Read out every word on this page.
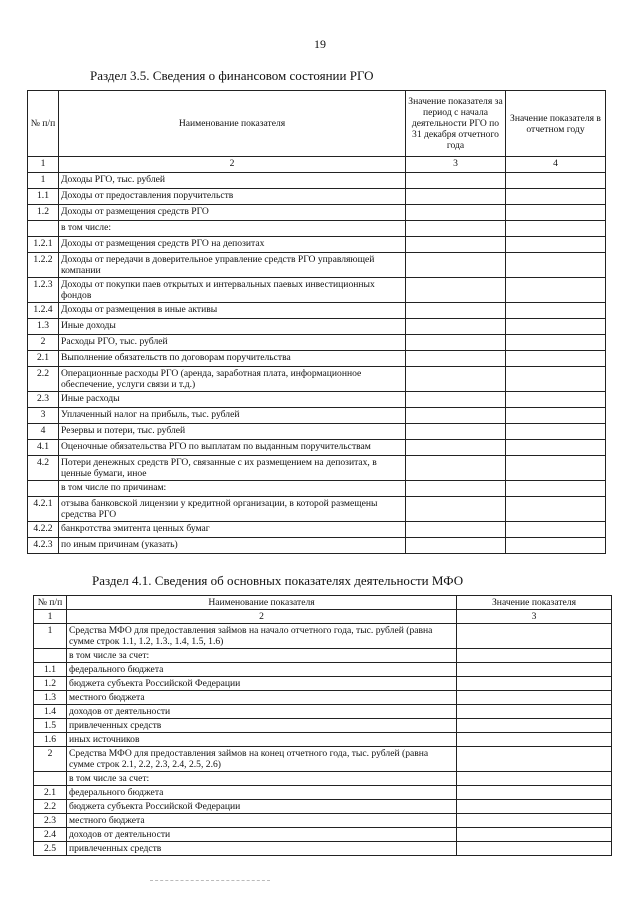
19
Раздел 3.5. Сведения о финансовом состоянии РГО
№ п/п	Наименование показателя	Значение показателя за период с начала деятельности РГО по 31 декабря отчетного года	Значение показателя в отчетном году
1	2	3	4
1	Доходы РГО, тыс. рублей		
1.1	Доходы от предоставления поручительств		
1.2	Доходы от размещения средств РГО		
	в том числе:		
1.2.1	Доходы от размещения средств РГО на депозитах		
1.2.2	Доходы от передачи в доверительное управление средств РГО управляющей компании		
1.2.3	Доходы от покупки паев открытых и интервальных паевых инвестиционных фондов		
1.2.4	Доходы от размещения в иные активы		
1.3	Иные доходы		
2	Расходы РГО, тыс. рублей		
2.1	Выполнение обязательств по договорам поручительства		
2.2	Операционные расходы РГО (аренда, заработная плата, информационное обеспечение, услуги связи и т.д.)		
2.3	Иные расходы		
3	Уплаченный налог на прибыль, тыс. рублей		
4	Резервы и потери, тыс. рублей		
4.1	Оценочные обязательства РГО по выплатам по выданным поручительствам		
4.2	Потери денежных средств РГО, связанные с их размещением на депозитах, в ценные бумаги, иное		
	в том числе по причинам:		
4.2.1	отзыва банковской лицензии у кредитной организации, в которой размещены средства РГО		
4.2.2	банкротства эмитента ценных бумаг		
4.2.3	по иным причинам (указать)		
Раздел 4.1. Сведения об основных показателях деятельности МФО
№ п/п	Наименование показателя	Значение показателя
1	2	3
1	Средства МФО для предоставления займов на начало отчетного года, тыс. рублей (равна сумме строк 1.1, 1.2, 1.3., 1.4, 1.5, 1.6)	
	в том числе за счет:	
1.1	федерального бюджета	
1.2	бюджета субъекта Российской Федерации	
1.3	местного бюджета	
1.4	доходов от деятельности	
1.5	привлеченных средств	
1.6	иных источников	
2	Средства МФО для предоставления займов на конец отчетного года, тыс. рублей (равна сумме строк 2.1, 2.2, 2.3, 2.4, 2.5, 2.6)	
	в том числе за счет:	
2.1	федерального бюджета	
2.2	бюджета субъекта Российской Федерации	
2.3	местного бюджета	
2.4	доходов от деятельности	
2.5	привлеченных средств	
